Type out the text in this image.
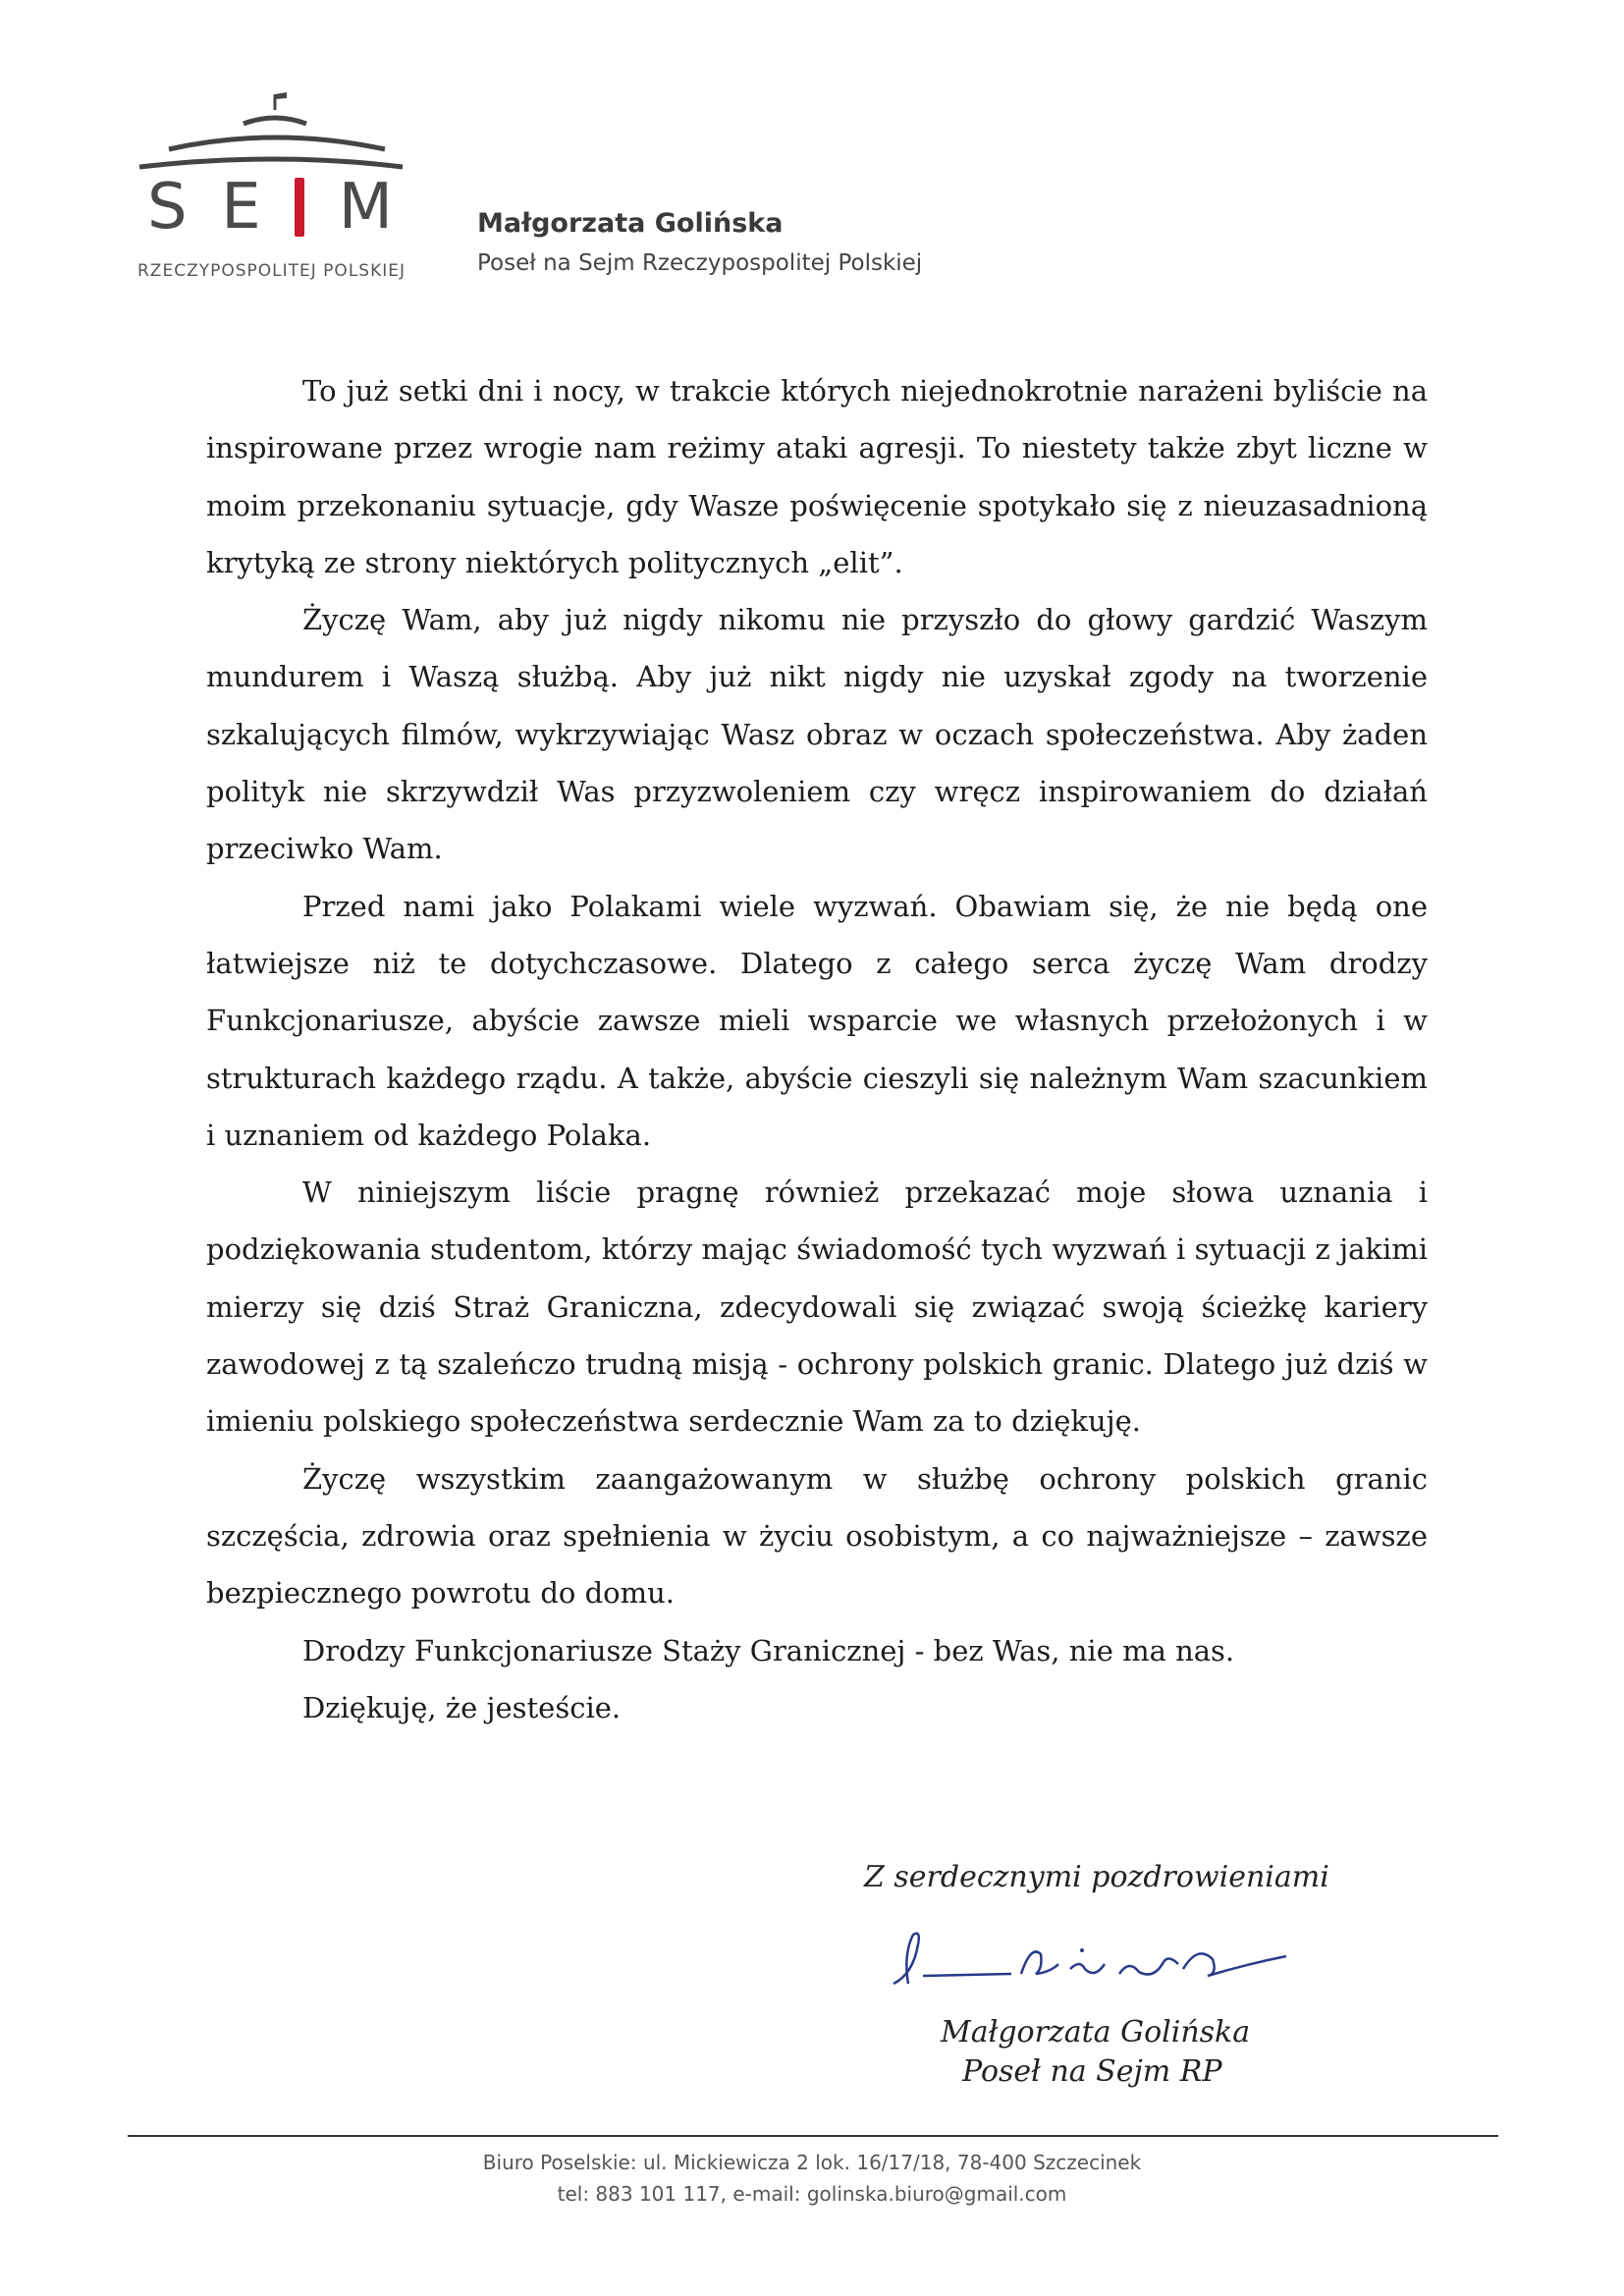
S E M
RZECZYPOSPOLITEJ POLSKIEJ
Małgorzata Golińska
Poseł na Sejm Rzeczypospolitej Polskiej

To już setki dni i nocy, w trakcie których niejednokrotnie narażeni byliście na inspirowane przez wrogie nam reżimy ataki agresji. To niestety także zbyt liczne w moim przekonaniu sytuacje, gdy Wasze poświęcenie spotykało się z nieuzasadnioną krytyką ze strony niektórych politycznych „elit”.

Życzę Wam, aby już nigdy nikomu nie przyszło do głowy gardzić Waszym mundurem i Waszą służbą. Aby już nikt nigdy nie uzyskał zgody na tworzenie szkalujących filmów, wykrzywiając Wasz obraz w oczach społeczeństwa. Aby żaden polityk nie skrzywdził Was przyzwoleniem czy wręcz inspirowaniem do działań przeciwko Wam.

Przed nami jako Polakami wiele wyzwań. Obawiam się, że nie będą one łatwiejsze niż te dotychczasowe. Dlatego z całego serca życzę Wam drodzy Funkcjonariusze, abyście zawsze mieli wsparcie we własnych przełożonych i w strukturach każdego rządu. A także, abyście cieszyli się należnym Wam szacunkiem i uznaniem od każdego Polaka.

W niniejszym liście pragnę również przekazać moje słowa uznania i podziękowania studentom, którzy mając świadomość tych wyzwań i sytuacji z jakimi mierzy się dziś Straż Graniczna, zdecydowali się związać swoją ścieżkę kariery zawodowej z tą szaleńczo trudną misją - ochrony polskich granic. Dlatego już dziś w imieniu polskiego społeczeństwa serdecznie Wam za to dziękuję.

Życzę wszystkim zaangażowanym w służbę ochrony polskich granic szczęścia, zdrowia oraz spełnienia w życiu osobistym, a co najważniejsze – zawsze bezpiecznego powrotu do domu.

Drodzy Funkcjonariusze Staży Granicznej - bez Was, nie ma nas.

Dziękuję, że jesteście.

Z serdecznymi pozdrowieniami
Małgorzata Golińska
Poseł na Sejm RP
Biuro Poselskie: ul. Mickiewicza 2 lok. 16/17/18, 78-400 Szczecinek
tel: 883 101 117, e-mail: golinska.biuro@gmail.com
